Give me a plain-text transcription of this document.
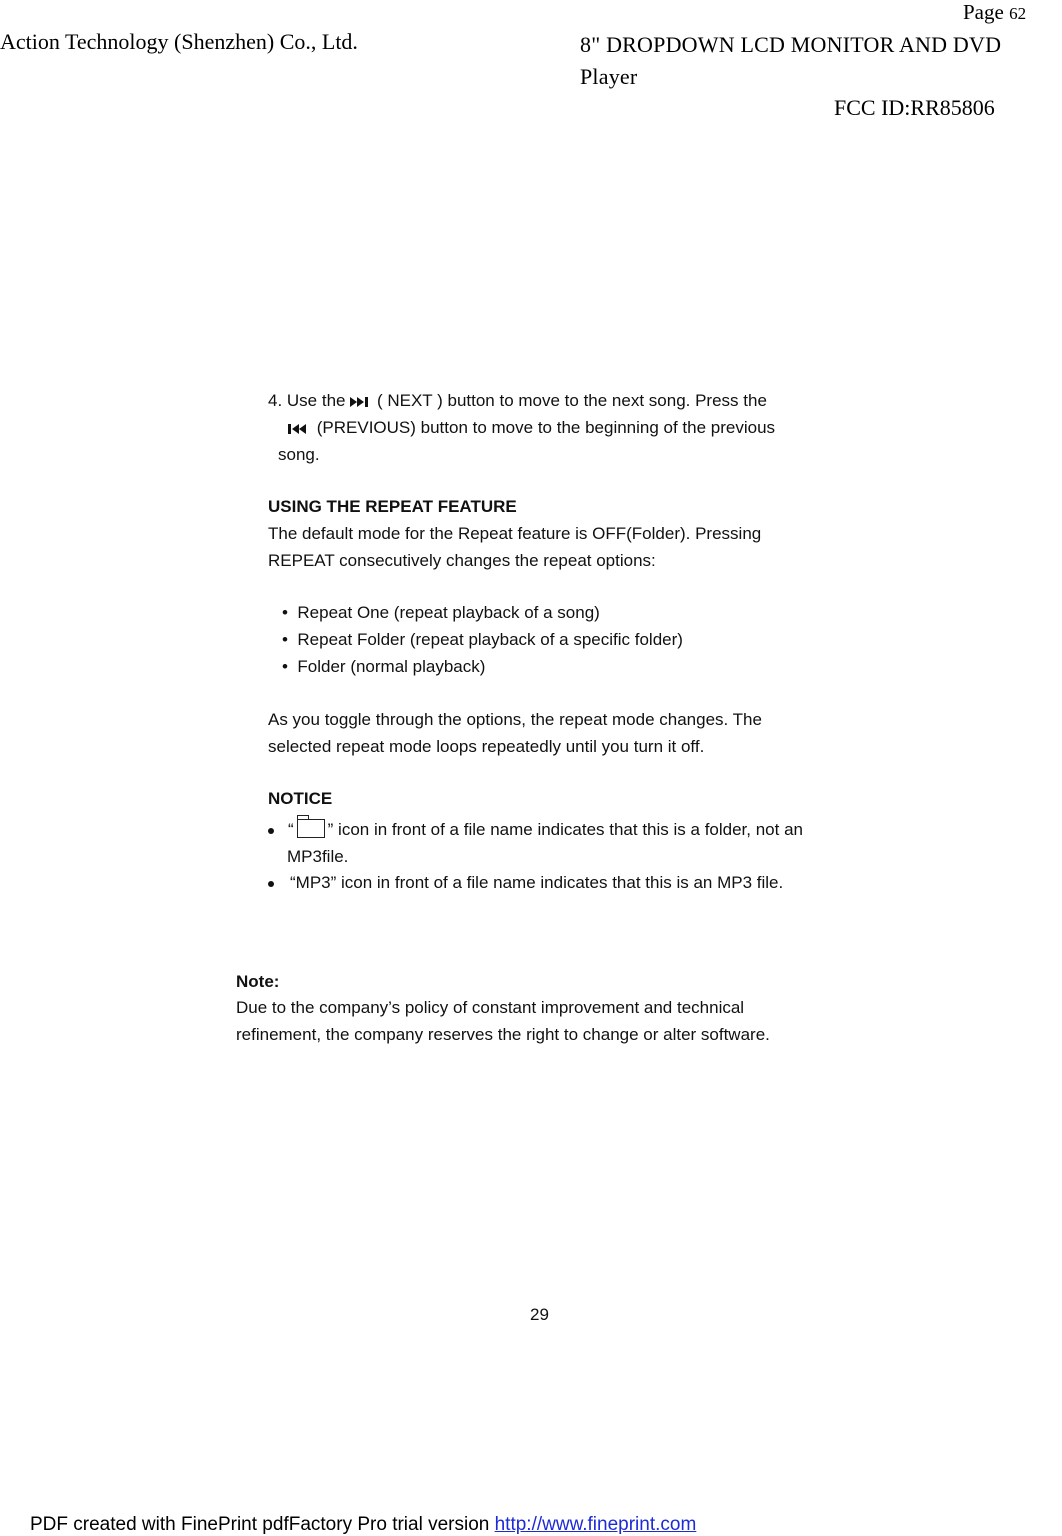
Page 62
Action Technology (Shenzhen) Co., Ltd.	8" DROPDOWN LCD MONITOR AND DVD Player
FCC ID:RR85806
4. Use the ( NEXT ) button to move to the next song. Press the
(PREVIOUS) button to move to the beginning of the previous
song.
USING THE REPEAT FEATURE
The default mode for the Repeat feature is OFF(Folder). Pressing
REPEAT consecutively changes the repeat options:
•  Repeat One (repeat playback of a song)
•  Repeat Folder (repeat playback of a specific folder)
•  Folder (normal playback)
As you toggle through the options, the repeat mode changes. The
selected repeat mode loops repeatedly until you turn it off.
NOTICE
“ ” icon in front of a file name indicates that this is a folder, not an
MP3file.
“MP3” icon in front of a file name indicates that this is an MP3 file.
Note:
Due to the company’s policy of constant improvement and technical
refinement, the company reserves the right to change or alter software.
29
PDF created with FinePrint pdfFactory Pro trial version http://www.fineprint.com
